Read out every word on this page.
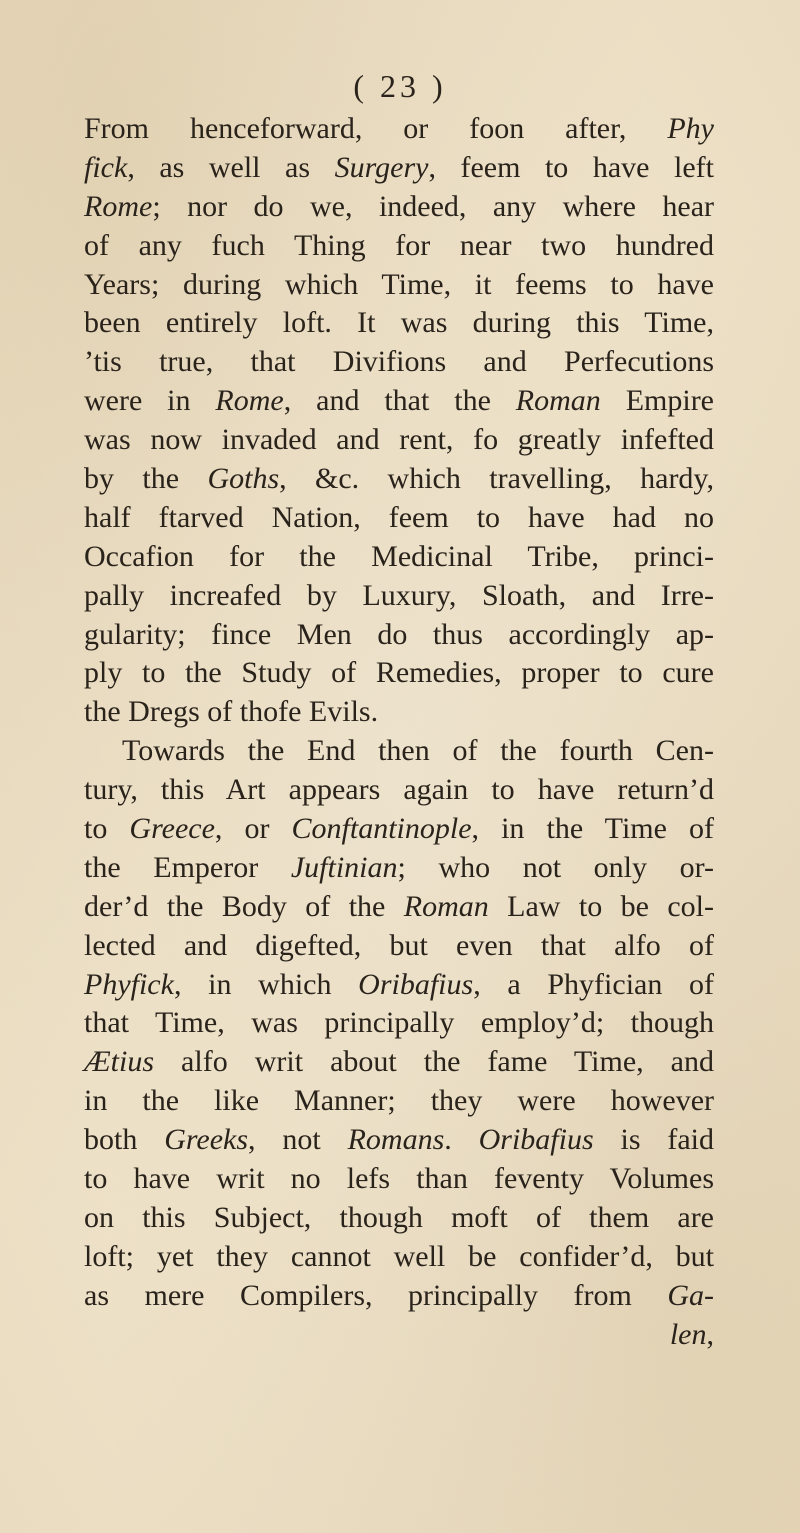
( 23 )
From henceforward, or foon after, Phy
fick, as well as Surgery, feem to have left
Rome; nor do we, indeed, any where hear
of any fuch Thing for near two hundred
Years; during which Time, it feems to have
been entirely loft. It was during this Time,
’tis true, that Divifions and Perfecutions
were in Rome, and that the Roman Empire
was now invaded and rent, fo greatly infefted
by the Goths, &c. which travelling, hardy,
half ftarved Nation, feem to have had no
Occafion for the Medicinal Tribe, princi-
pally increafed by Luxury, Sloath, and Irre-
gularity; fince Men do thus accordingly ap-
ply to the Study of Remedies, proper to cure
the Dregs of thofe Evils.
Towards the End then of the fourth Cen-
tury, this Art appears again to have return’d
to Greece, or Conftantinople, in the Time of
the Emperor Juftinian; who not only or-
der’d the Body of the Roman Law to be col-
lected and digefted, but even that alfo of
Phyfick, in which Oribafius, a Phyfician of
that Time, was principally employ’d; though
Ætius alfo writ about the fame Time, and
in the like Manner; they were however
both Greeks, not Romans. Oribafius is faid
to have writ no lefs than feventy Volumes
on this Subject, though moft of them are
loft; yet they cannot well be confider’d, but
as mere Compilers, principally from Ga-
len,
